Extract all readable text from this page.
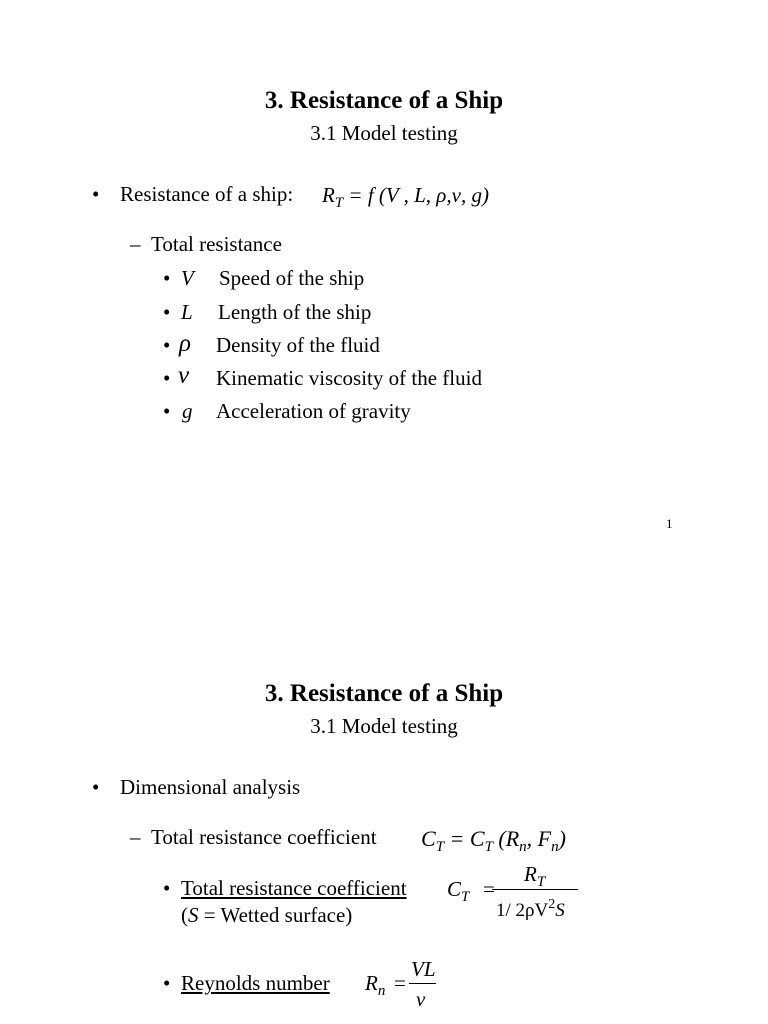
3. Resistance of a Ship
3.1 Model testing
• Resistance of a ship: $R_T = f$ (V , L, ρ,ν, g)
– Total resistance
• V Speed of the ship
• L Length of the ship
• ρ Density of the fluid
• ν Kinematic viscosity of the fluid
• g Acceleration of gravity
1
3. Resistance of a Ship
3.1 Model testing
• Dimensional analysis
– Total resistance coefficient $C_T = C_T$ ($R_n$, $F_n$)
• Total resistance coefficient
(S = Wetted surface)
$C_T$ =
$R_T$
1/ $2\rho V^2S$
• Reynolds number $R_n$ =
VL
ν
